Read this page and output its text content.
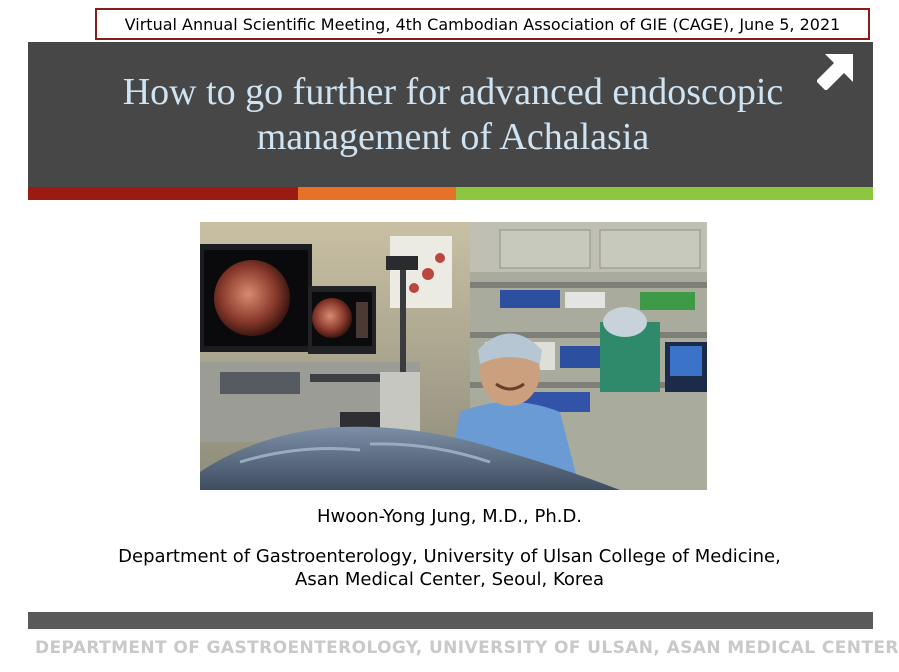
Virtual Annual Scientific Meeting, 4th Cambodian Association of GIE (CAGE), June 5, 2021
How to go further for advanced endoscopic
management of Achalasia
Hwoon-Yong Jung, M.D., Ph.D.
Department of Gastroenterology, University of Ulsan College of Medicine,
Asan Medical Center, Seoul, Korea
DEPARTMENT OF GASTROENTEROLOGY, UNIVERSITY OF ULSAN, ASAN MEDICAL CENTER
